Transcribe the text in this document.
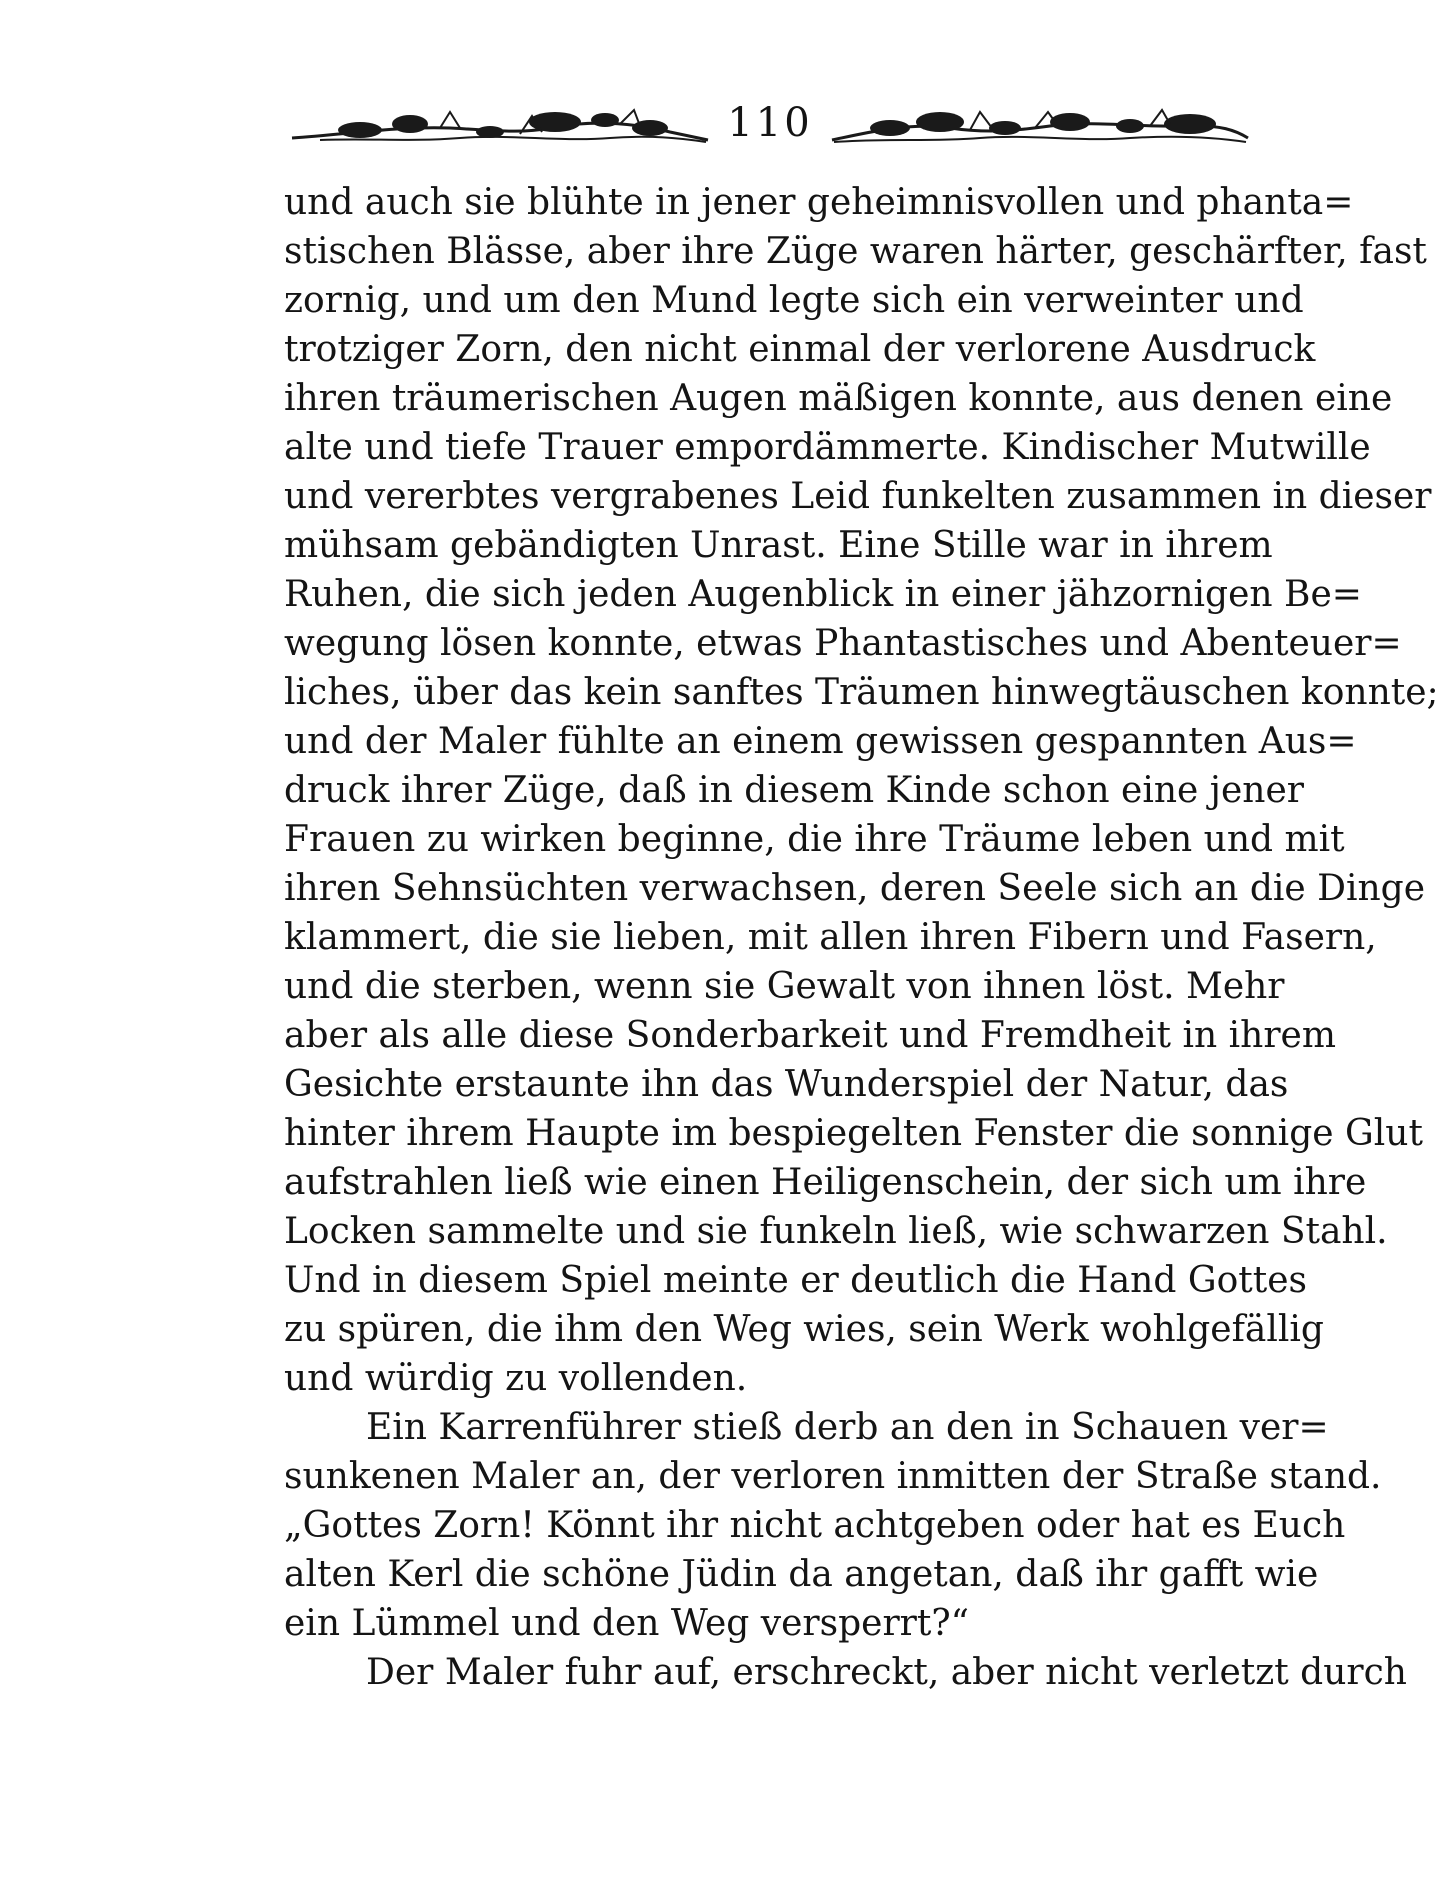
110
und auch sie blühte in jener geheimnisvollen und phanta=
stischen Blässe, aber ihre Züge waren härter, geschärfter, fast
zornig, und um den Mund legte sich ein verweinter und
trotziger Zorn, den nicht einmal der verlorene Ausdruck
ihren träumerischen Augen mäßigen konnte, aus denen eine
alte und tiefe Trauer empordämmerte. Kindischer Mutwille
und vererbtes vergrabenes Leid funkelten zusammen in dieser
mühsam gebändigten Unrast. Eine Stille war in ihrem
Ruhen, die sich jeden Augenblick in einer jähzornigen Be=
wegung lösen konnte, etwas Phantastisches und Abenteuer=
liches, über das kein sanftes Träumen hinwegtäuschen konnte;
und der Maler fühlte an einem gewissen gespannten Aus=
druck ihrer Züge, daß in diesem Kinde schon eine jener
Frauen zu wirken beginne, die ihre Träume leben und mit
ihren Sehnsüchten verwachsen, deren Seele sich an die Dinge
klammert, die sie lieben, mit allen ihren Fibern und Fasern,
und die sterben, wenn sie Gewalt von ihnen löst. Mehr
aber als alle diese Sonderbarkeit und Fremdheit in ihrem
Gesichte erstaunte ihn das Wunderspiel der Natur, das
hinter ihrem Haupte im bespiegelten Fenster die sonnige Glut
aufstrahlen ließ wie einen Heiligenschein, der sich um ihre
Locken sammelte und sie funkeln ließ, wie schwarzen Stahl.
Und in diesem Spiel meinte er deutlich die Hand Gottes
zu spüren, die ihm den Weg wies, sein Werk wohlgefällig
und würdig zu vollenden.
Ein Karrenführer stieß derb an den in Schauen ver=
sunkenen Maler an, der verloren inmitten der Straße stand.
„Gottes Zorn! Könnt ihr nicht achtgeben oder hat es Euch
alten Kerl die schöne Jüdin da angetan, daß ihr gafft wie
ein Lümmel und den Weg versperrt?“
Der Maler fuhr auf, erschreckt, aber nicht verletzt durch
